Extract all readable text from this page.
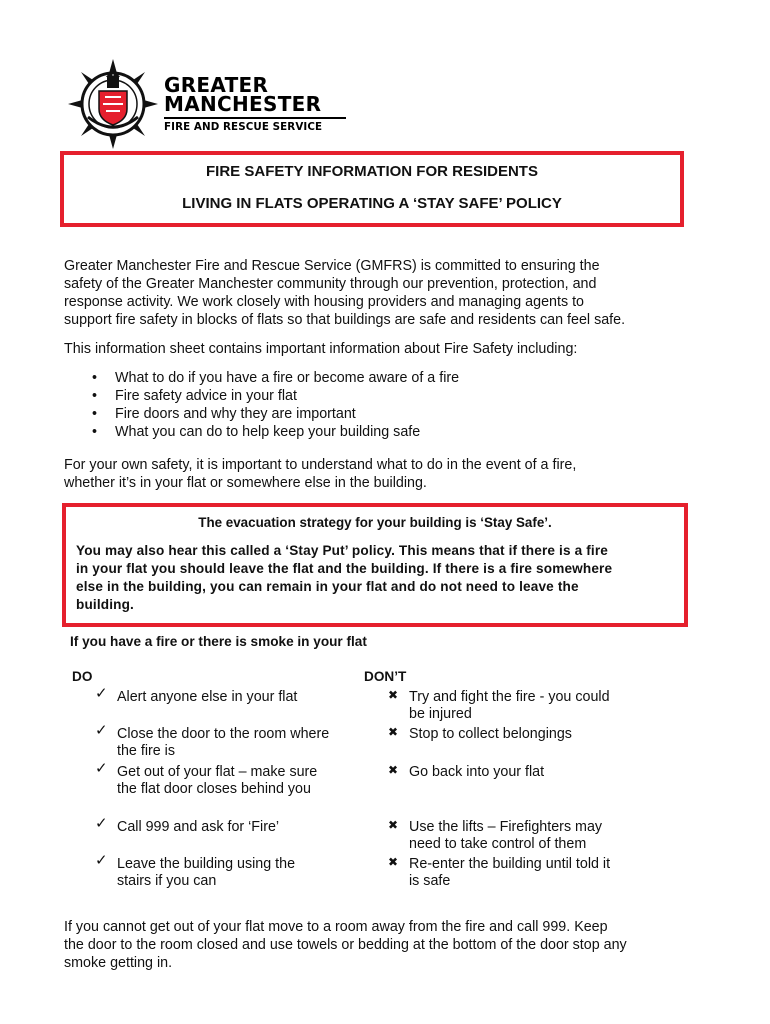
GREATER
MANCHESTER
FIRE AND RESCUE SERVICE
FIRE SAFETY INFORMATION FOR RESIDENTS
LIVING IN FLATS OPERATING A ‘STAY SAFE’ POLICY
Greater Manchester Fire and Rescue Service (GMFRS) is committed to ensuring the
safety of the Greater Manchester community through our prevention, protection, and
response activity. We work closely with housing providers and managing agents to
support fire safety in blocks of flats so that buildings are safe and residents can feel safe.
This information sheet contains important information about Fire Safety including:
• What to do if you have a fire or become aware of a fire
• Fire safety advice in your flat
• Fire doors and why they are important
• What you can do to help keep your building safe
For your own safety, it is important to understand what to do in the event of a fire,
whether it’s in your flat or somewhere else in the building.
The evacuation strategy for your building is ‘Stay Safe’.
You may also hear this called a ‘Stay Put’ policy. This means that if there is a fire
in your flat you should leave the flat and the building. If there is a fire somewhere
else in the building, you can remain in your flat and do not need to leave the
building.
If you have a fire or there is smoke in your flat
DO	DON’T
✓ Alert anyone else in your flat
✓ Close the door to the room where
the fire is
✓ Get out of your flat – make sure
the flat door closes behind you
✓ Call 999 and ask for ‘Fire’
✓ Leave the building using the
stairs if you can
✖ Try and fight the fire - you could
be injured
✖ Stop to collect belongings
✖ Go back into your flat
✖ Use the lifts – Firefighters may
need to take control of them
✖ Re-enter the building until told it
is safe
If you cannot get out of your flat move to a room away from the fire and call 999. Keep
the door to the room closed and use towels or bedding at the bottom of the door stop any
smoke getting in.
